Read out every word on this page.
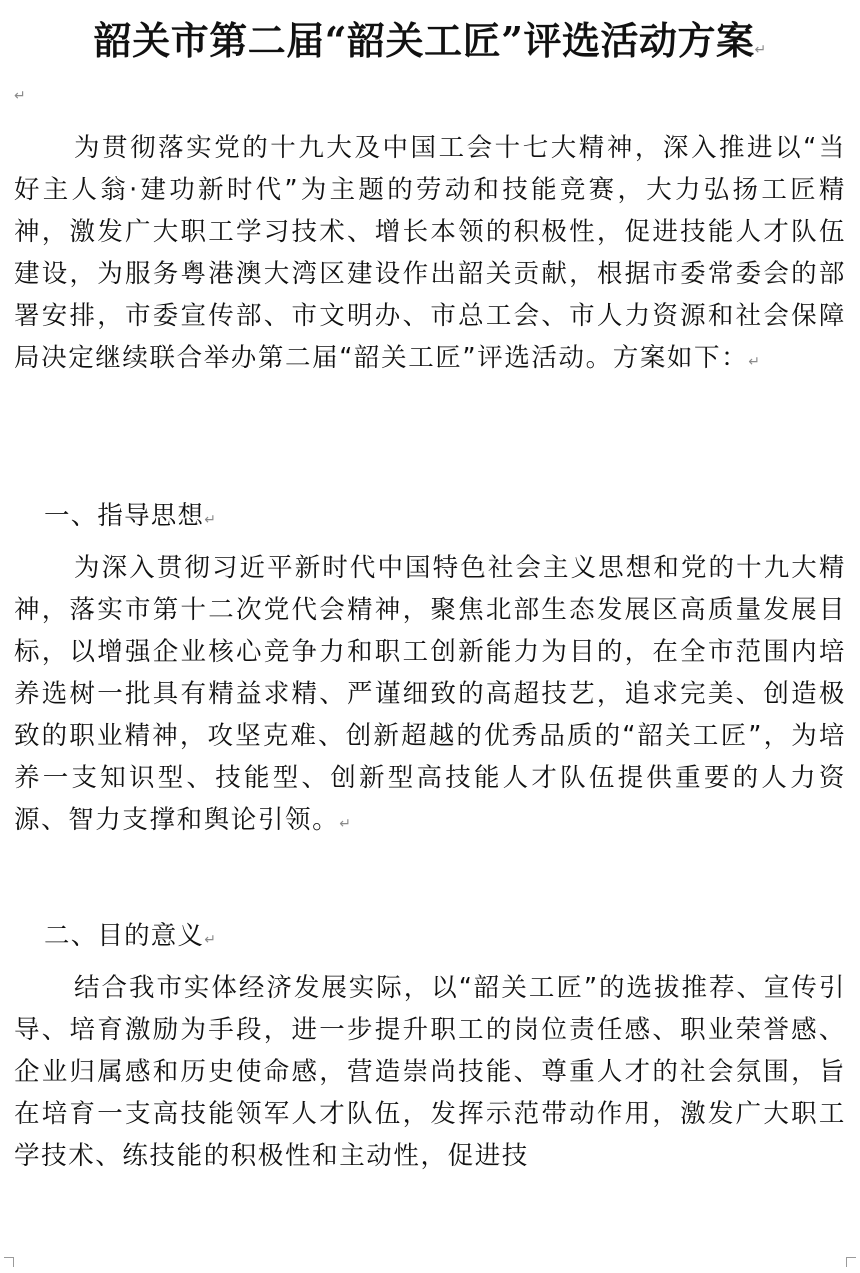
韶关市第二届“韶关工匠”评选活动方案↵
↵

为贯彻落实党的十九大及中国工会十七大精神，深入推进以“当好主人翁·建功新时代”为主题的劳动和技能竞赛，大力弘扬工匠精神，激发广大职工学习技术、增长本领的积极性，促进技能人才队伍建设，为服务粤港澳大湾区建设作出韶关贡献，根据市委常委会的部署安排，市委宣传部、市文明办、市总工会、市人力资源和社会保障局决定继续联合举办第二届“韶关工匠”评选活动。方案如下：↵

一、指导思想↵

为深入贯彻习近平新时代中国特色社会主义思想和党的十九大精神，落实市第十二次党代会精神，聚焦北部生态发展区高质量发展目标，以增强企业核心竞争力和职工创新能力为目的，在全市范围内培养选树一批具有精益求精、严谨细致的高超技艺，追求完美、创造极致的职业精神，攻坚克难、创新超越的优秀品质的“韶关工匠”，为培养一支知识型、技能型、创新型高技能人才队伍提供重要的人力资源、智力支撑和舆论引领。↵

二、目的意义↵

结合我市实体经济发展实际，以“韶关工匠”的选拔推荐、宣传引导、培育激励为手段，进一步提升职工的岗位责任感、职业荣誉感、企业归属感和历史使命感，营造崇尚技能、尊重人才的社会氛围，旨在培育一支高技能领军人才队伍，发挥示范带动作用，激发广大职工学技术、练技能的积极性和主动性，促进技
